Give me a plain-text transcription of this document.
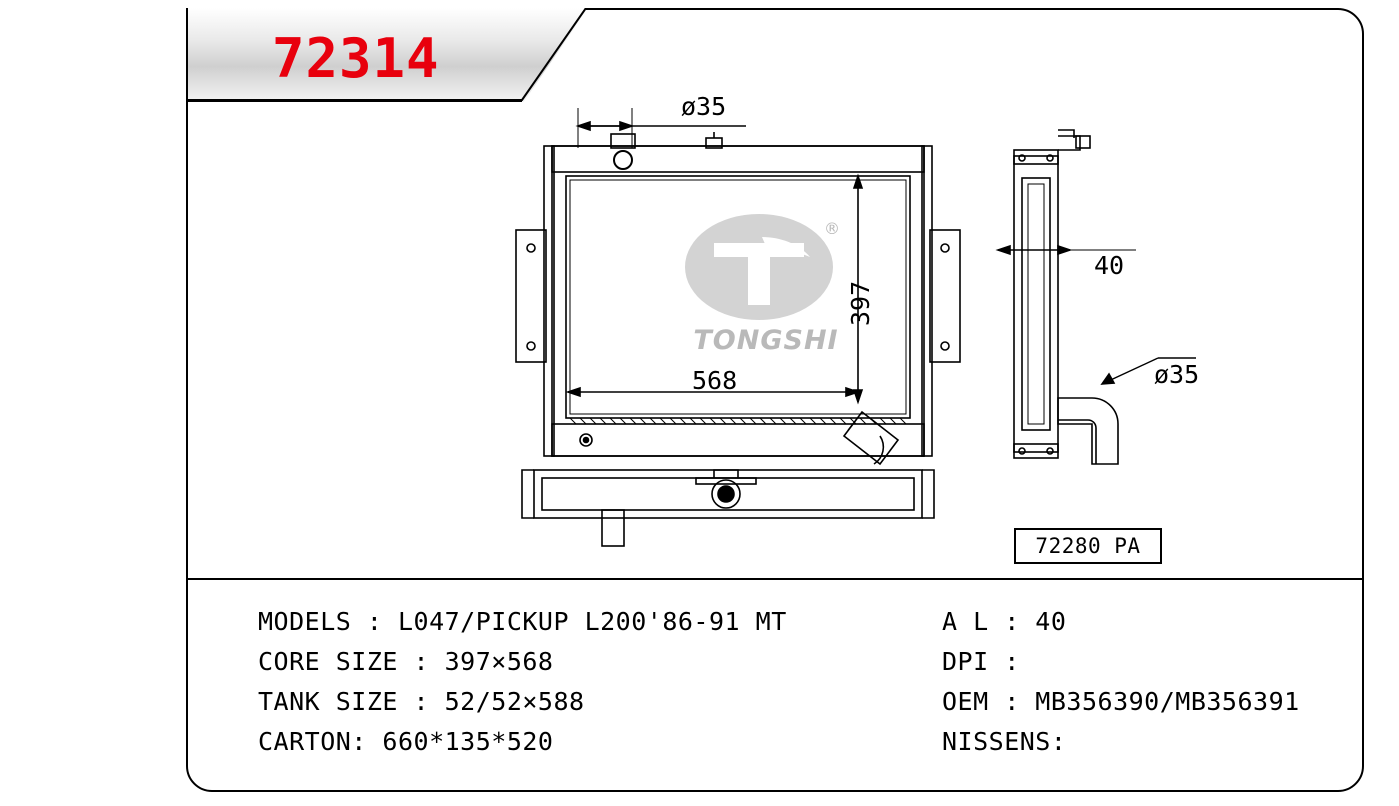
®
TONGSHI
ø35
397
568
40
ø35
72280 PA
72314
MODELS : L047/PICKUP L200'86-91 MT
CORE SIZE : 397×568
TANK SIZE : 52/52×588
CARTON: 660*135*520
A L : 40
DPI :
OEM : MB356390/MB356391
NISSENS:
